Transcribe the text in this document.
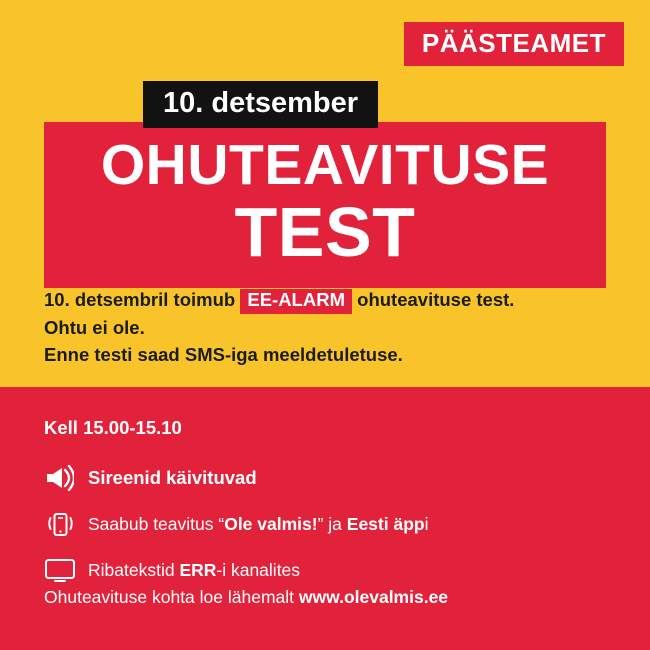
PÄÄSTEAMET
10. detsember
OHUTEAVITUSE
TEST
10. detsembril toimub EE-ALARM ohuteavituse test.
Ohtu ei ole.
Enne testi saad SMS-iga meeldetuletuse.
Kell 15.00-15.10
Sireenid käivituvad
Saabub teavitus “Ole valmis!” ja Eesti äppi
Ribatekstid ERR-i kanalites
Ohuteavituse kohta loe lähemalt www.olevalmis.ee
